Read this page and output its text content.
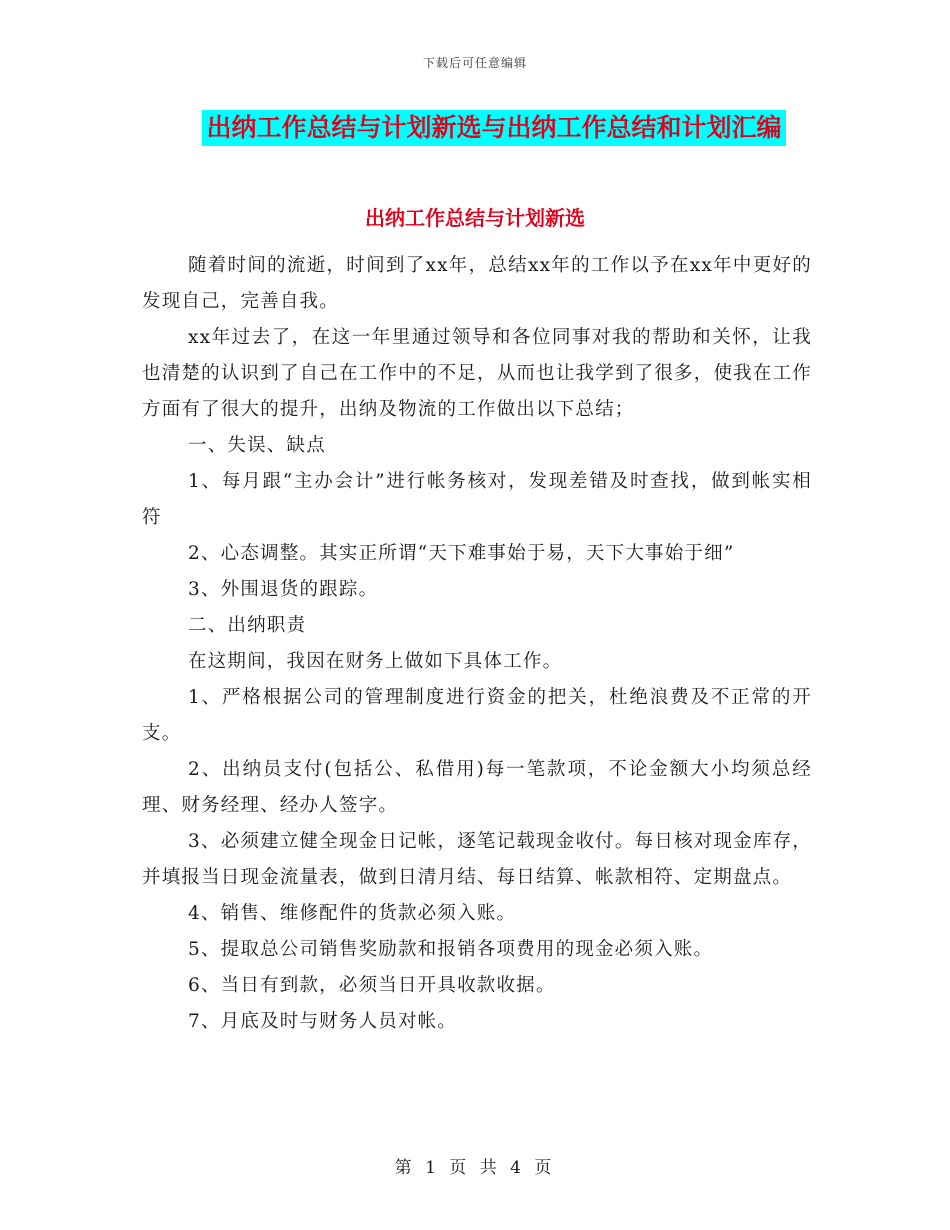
下载后可任意编辑
出纳工作总结与计划新选与出纳工作总结和计划汇编
出纳工作总结与计划新选

随着时间的流逝，时间到了xx年，总结xx年的工作以予在xx年中更好的发现自己，完善自我。

xx年过去了，在这一年里通过领导和各位同事对我的帮助和关怀，让我也清楚的认识到了自己在工作中的不足，从而也让我学到了很多，使我在工作方面有了很大的提升，出纳及物流的工作做出以下总结；

一、失误、缺点

1、每月跟“主办会计”进行帐务核对，发现差错及时查找，做到帐实相符

2、心态调整。其实正所谓“天下难事始于易，天下大事始于细”

3、外围退货的跟踪。

二、出纳职责

在这期间，我因在财务上做如下具体工作。

1、严格根据公司的管理制度进行资金的把关，杜绝浪费及不正常的开支。

2、出纳员支付(包括公、私借用)每一笔款项，不论金额大小均须总经理、财务经理、经办人签字。

3、必须建立健全现金日记帐，逐笔记载现金收付。每日核对现金库存，并填报当日现金流量表，做到日清月结、每日结算、帐款相符、定期盘点。

4、销售、维修配件的货款必须入账。

5、提取总公司销售奖励款和报销各项费用的现金必须入账。

6、当日有到款，必须当日开具收款收据。

7、月底及时与财务人员对帐。

第 1 页 共 4 页
